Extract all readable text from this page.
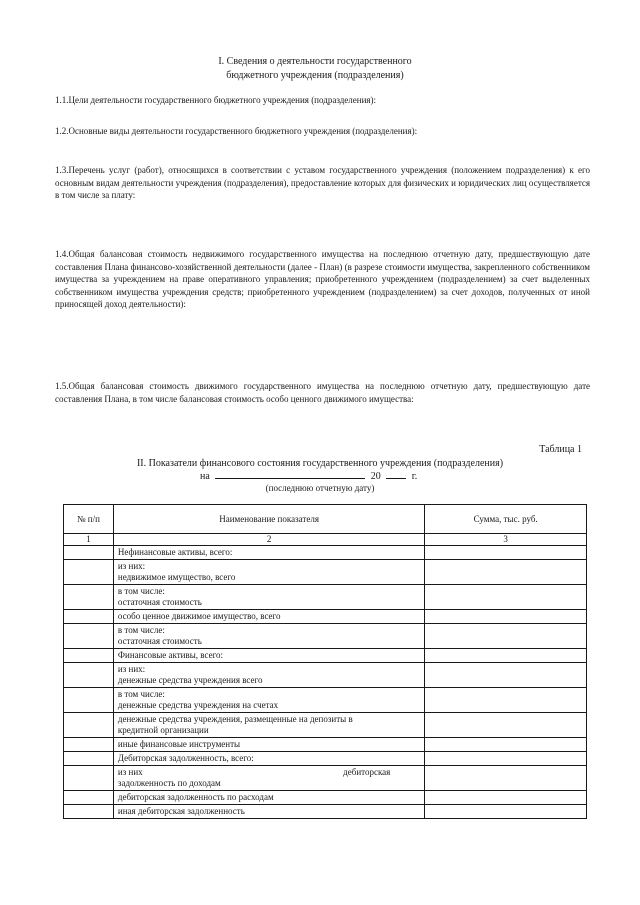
I. Сведения о деятельности государственного
бюджетного учреждения (подразделения)
1.1.Цели деятельности государственного бюджетного учреждения (подразделения):
1.2.Основные виды деятельности государственного бюджетного учреждения (подразделения):
1.3.Перечень услуг (работ), относящихся в соответствии с уставом государственного учреждения (положением подразделения) к его основным видам деятельности учреждения (подразделения), предоставление которых для физических и юридических лиц осуществляется в том числе за плату:
1.4.Общая балансовая стоимость недвижимого государственного имущества на последнюю отчетную дату, предшествующую дате составления Плана финансово-хозяйственной деятельности (далее - План) (в разрезе стоимости имущества, закрепленного собственником имущества за учреждением на праве оперативного управления; приобретенного учреждением (подразделением) за счет выделенных собственником имущества учреждения средств; приобретенного учреждением (подразделением) за счет доходов, полученных от иной приносящей доход деятельности):
1.5.Общая балансовая стоимость движимого государственного имущества на последнюю отчетную дату, предшествующую дате составления Плана, в том числе балансовая стоимость особо ценного движимого имущества:
Таблица 1
II. Показатели финансового состояния государственного учреждения (подразделения)
на	20	г.
(последнюю отчетную дату)
№ п/п	Наименование показателя	Сумма, тыс. руб.
1	2	3

	Нефинансовые активы, всего:	

	из них:
недвижимое имущество, всего	

	в том числе:
остаточная стоимость	

	особо ценное движимое имущество, всего	

	в том числе:
остаточная стоимость	

	Финансовые активы, всего:	

	из них:
денежные средства учреждения всего	

	в том числе:
денежные средства учреждения на счетах	

	денежные средства учреждения, размещенные на депозиты в
кредитной организации	

	иные финансовые инструменты	

	Дебиторская задолженность, всего:	

	из них дебиторская
задолженность по доходам	

	дебиторская задолженность по расходам	

	иная дебиторская задолженность	
